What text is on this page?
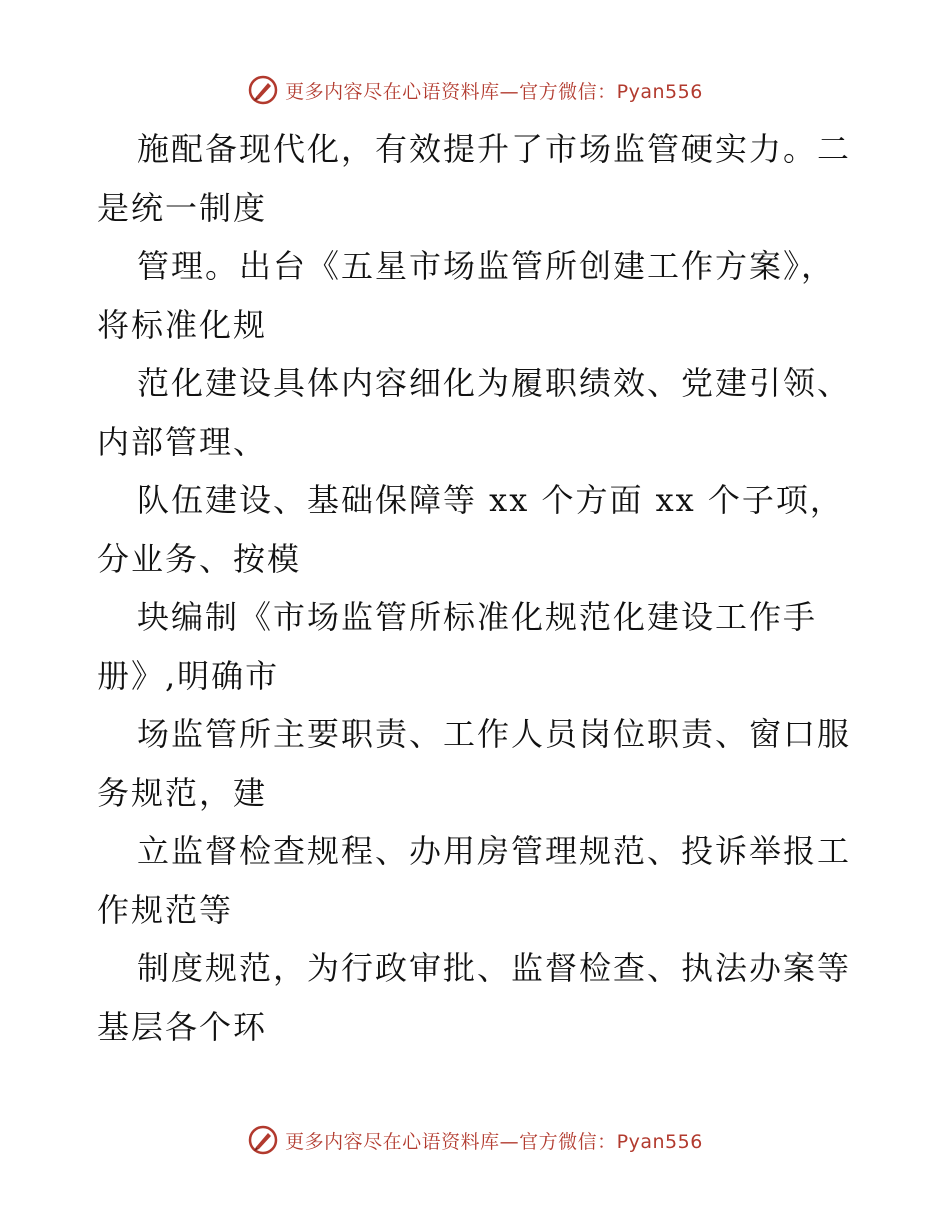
更多内容尽在心语资料库—官方微信：Pyan556
施配备现代化，有效提升了市场监管硬实力。二
是统一制度
管理。出台《五星市场监管所创建工作方案》，
将标准化规
范化建设具体内容细化为履职绩效、党建引领、
内部管理、
队伍建设、基础保障等 xx 个方面 xx 个子项，
分业务、按模
块编制《市场监管所标准化规范化建设工作手
册》,明确市
场监管所主要职责、工作人员岗位职责、窗口服
务规范，建
立监督检查规程、办用房管理规范、投诉举报工
作规范等
制度规范，为行政审批、监督检查、执法办案等
基层各个环
更多内容尽在心语资料库—官方微信：Pyan556
